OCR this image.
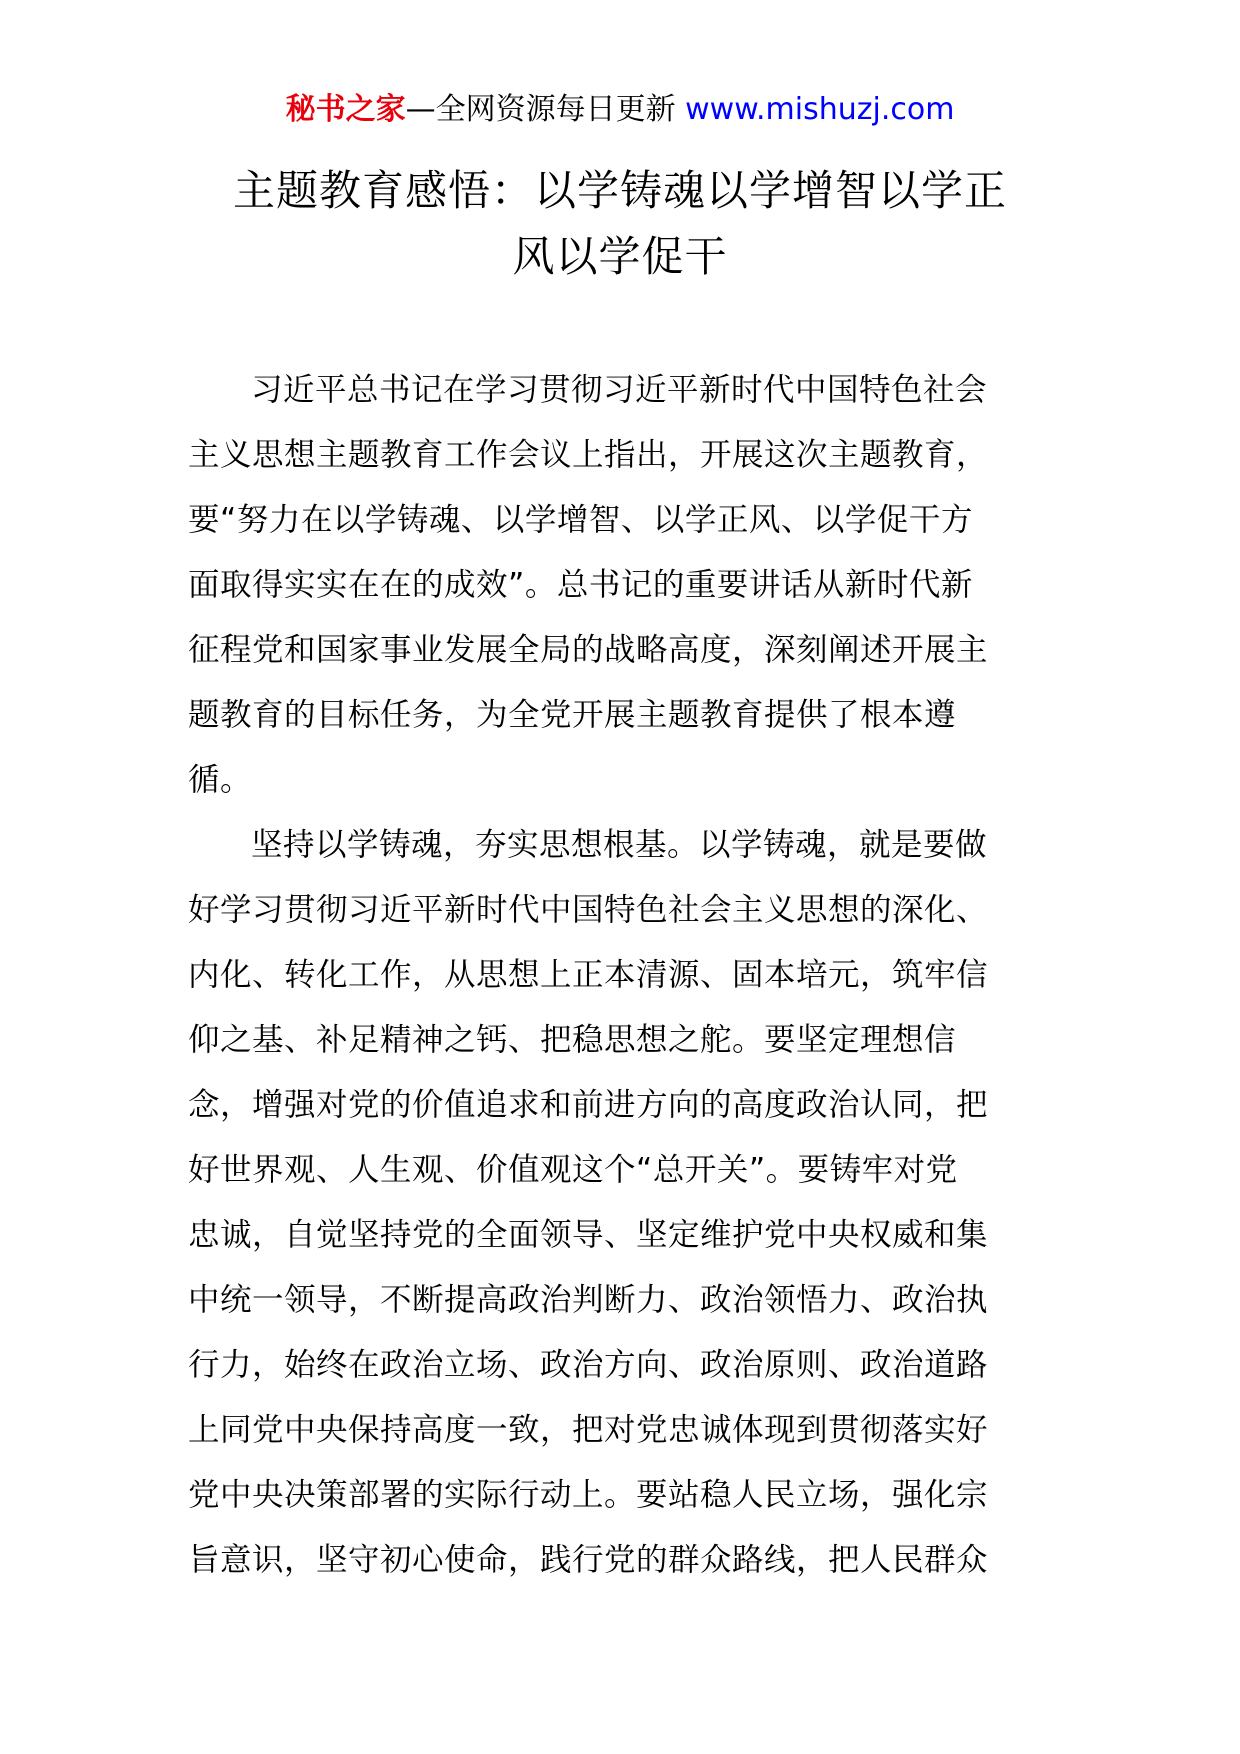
秘书之家—全网资源每日更新 www.mishuzj.com
主题教育感悟：以学铸魂以学增智以学正
风以学促干

习近平总书记在学习贯彻习近平新时代中国特色社会
主义思想主题教育工作会议上指出，开展这次主题教育，
要“努力在以学铸魂、以学增智、以学正风、以学促干方
面取得实实在在的成效”。总书记的重要讲话从新时代新
征程党和国家事业发展全局的战略高度，深刻阐述开展主
题教育的目标任务，为全党开展主题教育提供了根本遵
循。

坚持以学铸魂，夯实思想根基。以学铸魂，就是要做
好学习贯彻习近平新时代中国特色社会主义思想的深化、
内化、转化工作，从思想上正本清源、固本培元，筑牢信
仰之基、补足精神之钙、把稳思想之舵。要坚定理想信
念，增强对党的价值追求和前进方向的高度政治认同，把
好世界观、人生观、价值观这个“总开关”。要铸牢对党
忠诚，自觉坚持党的全面领导、坚定维护党中央权威和集
中统一领导，不断提高政治判断力、政治领悟力、政治执
行力，始终在政治立场、政治方向、政治原则、政治道路
上同党中央保持高度一致，把对党忠诚体现到贯彻落实好
党中央决策部署的实际行动上。要站稳人民立场，强化宗
旨意识，坚守初心使命，践行党的群众路线，把人民群众
